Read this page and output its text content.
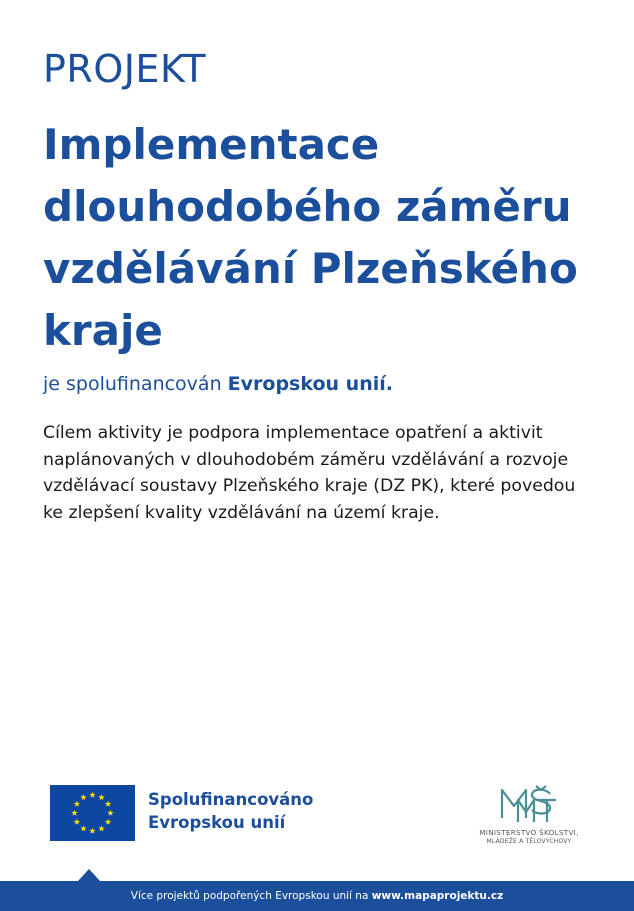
PROJEKT
Implementace
dlouhodobého záměru
vzdělávání Plzeňského
kraje
je spolufinancován Evropskou unií.

Cílem aktivity je podpora implementace opatření a aktivit
naplánovaných v dlouhodobém záměru vzdělávání a rozvoje
vzdělávací soustavy Plzeňského kraje (DZ PK), které povedou
ke zlepšení kvality vzdělávání na území kraje.

Spolufinancováno
Evropskou unií
MINISTERSTVO ŠKOLSTVÍ,
MLÁDEŽE A TĚLOVÝCHOVY
Více projektů podpořených Evropskou unií na www.mapaprojektu.cz
